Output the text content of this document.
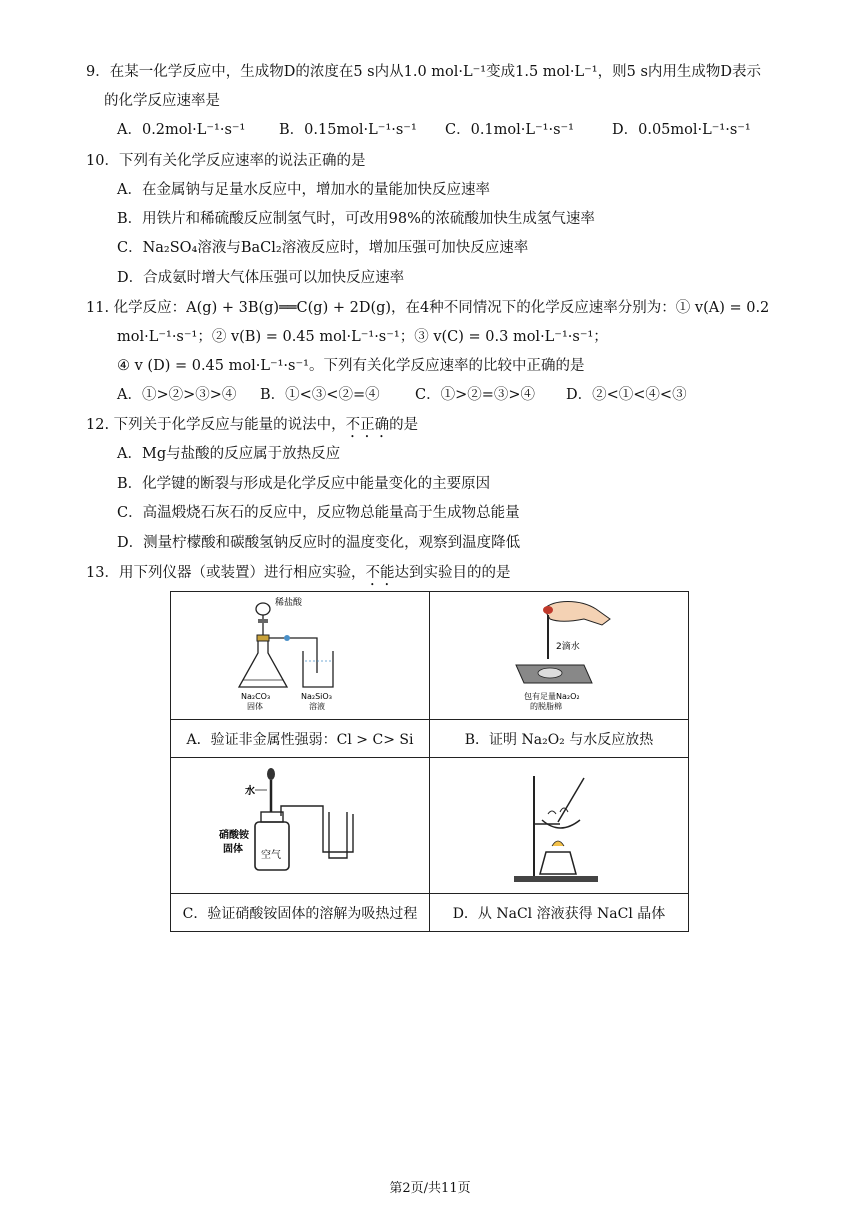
9．在某一化学反应中，生成物D的浓度在5 s内从1.0 mol·L⁻¹变成1.5 mol·L⁻¹，则5 s内用生成物D表示
的化学反应速率是
A．0.2mol·L⁻¹·s⁻¹ B．0.15mol·L⁻¹·s⁻¹ C．0.1mol·L⁻¹·s⁻¹	D．0.05mol·L⁻¹·s⁻¹
10．下列有关化学反应速率的说法正确的是
A．在金属钠与足量水反应中，增加水的量能加快反应速率
B．用铁片和稀硫酸反应制氢气时，可改用98%的浓硫酸加快生成氢气速率
C．Na₂SO₄溶液与BaCl₂溶液反应时，增加压强可加快反应速率
D．合成氨时增大气体压强可以加快反应速率
11. 化学反应：A(g) + 3B(g)══C(g) + 2D(g)，在4种不同情况下的化学反应速率分别为：① v(A) = 0.2
mol·L⁻¹·s⁻¹；② v(B) = 0.45 mol·L⁻¹·s⁻¹；③ v(C) = 0.3 mol·L⁻¹·s⁻¹；
④ v (D) = 0.45 mol·L⁻¹·s⁻¹。下列有关化学反应速率的比较中正确的是
A．①>②>③>④ B．①<③<②=④ C．①>②=③>④ D．②<①<④<③
12. 下列关于化学反应与能量的说法中，不正确的是
A．Mg与盐酸的反应属于放热反应
B．化学键的断裂与形成是化学反应中能量变化的主要原因
C．高温煅烧石灰石的反应中，反应物总能量高于生成物总能量
D．测量柠檬酸和碳酸氢钠反应时的温度变化，观察到温度降低
13．用下列仪器（或装置）进行相应实验，不能达到实验目的的是
稀盐酸
Na₂CO₃
固体
Na₂SiO₃
溶液	2滴水
包有足量Na₂O₂
的脱脂棉

A．验证非金属性强弱：Cl > C> Si	B．证明 Na₂O₂ 与水反应放热

水
硝酸铵
固体
空气

C．验证硝酸铵固体的溶解为吸热过程	D．从 NaCl 溶液获得 NaCl 晶体
第2页/共11页
